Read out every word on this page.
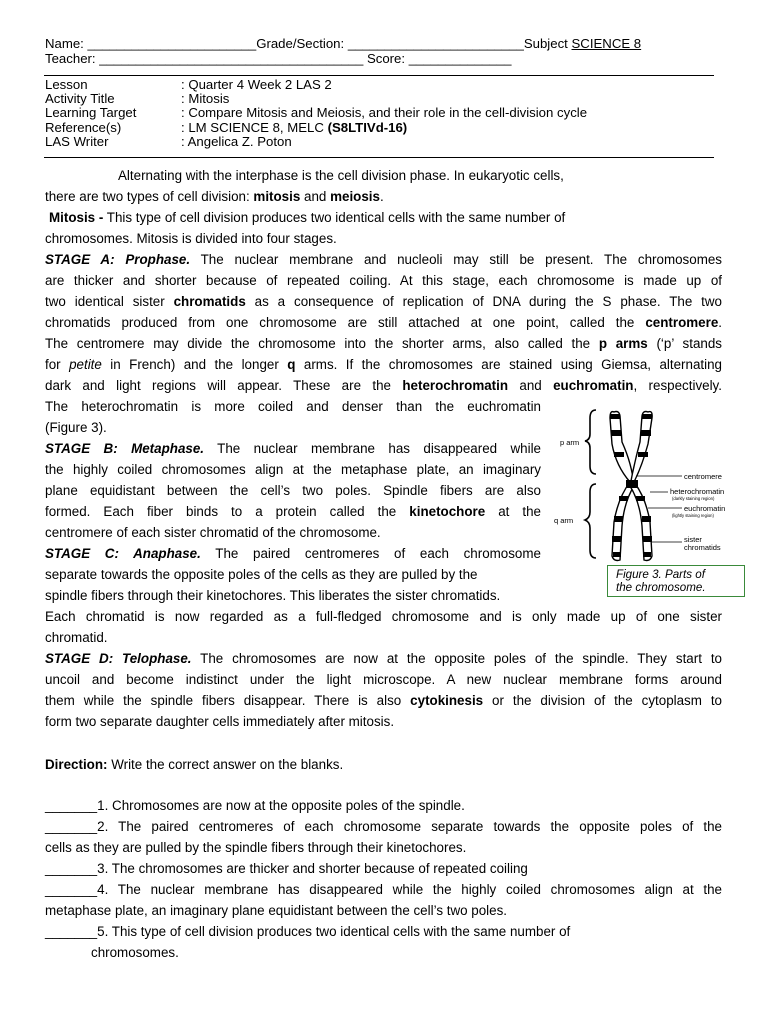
Name: _______________________Grade/Section: ________________________Subject SCIENCE 8
Teacher: ____________________________________ Score: ______________
Lesson	: Quarter 4 Week 2 LAS 2
Activity Title	: Mitosis
Learning Target	: Compare Mitosis and Meiosis, and their role in the cell-division cycle
Reference(s)	: LM SCIENCE 8, MELC (S8LTIVd-16)
LAS Writer	: Angelica Z. Poton
Alternating with the interphase is the cell division phase. In eukaryotic cells,
there are two types of cell division: mitosis and meiosis.
Mitosis - This type of cell division produces two identical cells with the same number of
chromosomes. Mitosis is divided into four stages.
STAGE A: Prophase. The nuclear membrane and nucleoli may still be present. The chromosomes
are thicker and shorter because of repeated coiling. At this stage, each chromosome is made up of
two identical sister chromatids as a consequence of replication of DNA during the S phase. The two
chromatids produced from one chromosome are still attached at one point, called the centromere.
The centromere may divide the chromosome into the shorter arms, also called the p arms (‘p’ stands
for petite in French) and the longer q arms. If the chromosomes are stained using Giemsa, alternating
dark and light regions will appear. These are the heterochromatin and euchromatin, respectively.
The heterochromatin is more coiled and denser than the euchromatin
(Figure 3).
STAGE B: Metaphase. The nuclear membrane has disappeared while
the highly coiled chromosomes align at the metaphase plate, an imaginary
plane equidistant between the cell’s two poles. Spindle fibers are also
formed. Each fiber binds to a protein called the kinetochore at the
centromere of each sister chromatid of the chromosome.
STAGE C: Anaphase. The paired centromeres of each chromosome
separate towards the opposite poles of the cells as they are pulled by the
spindle fibers through their kinetochores. This liberates the sister chromatids.
Each chromatid is now regarded as a full-fledged chromosome and is only made up of one sister
chromatid.
STAGE D: Telophase. The chromosomes are now at the opposite poles of the spindle. They start to
uncoil and become indistinct under the light microscope. A new nuclear membrane forms around
them while the spindle fibers disappear. There is also cytokinesis or the division of the cytoplasm to
form two separate daughter cells immediately after mitosis.
p arm
q arm
centromere
heterochromatin
(darkly staining region)
euchromatin
(lightly staining region)
sister
chromatids
Figure 3. Parts of
the chromosome.
Direction: Write the correct answer on the blanks.
_______1. Chromosomes are now at the opposite poles of the spindle.
_______2. The paired centromeres of each chromosome separate towards the opposite poles of the
cells as they are pulled by the spindle fibers through their kinetochores.
_______3. The chromosomes are thicker and shorter because of repeated coiling
_______4. The nuclear membrane has disappeared while the highly coiled chromosomes align at the
metaphase plate, an imaginary plane equidistant between the cell’s two poles.
_______5. This type of cell division produces two identical cells with the same number of
chromosomes.
